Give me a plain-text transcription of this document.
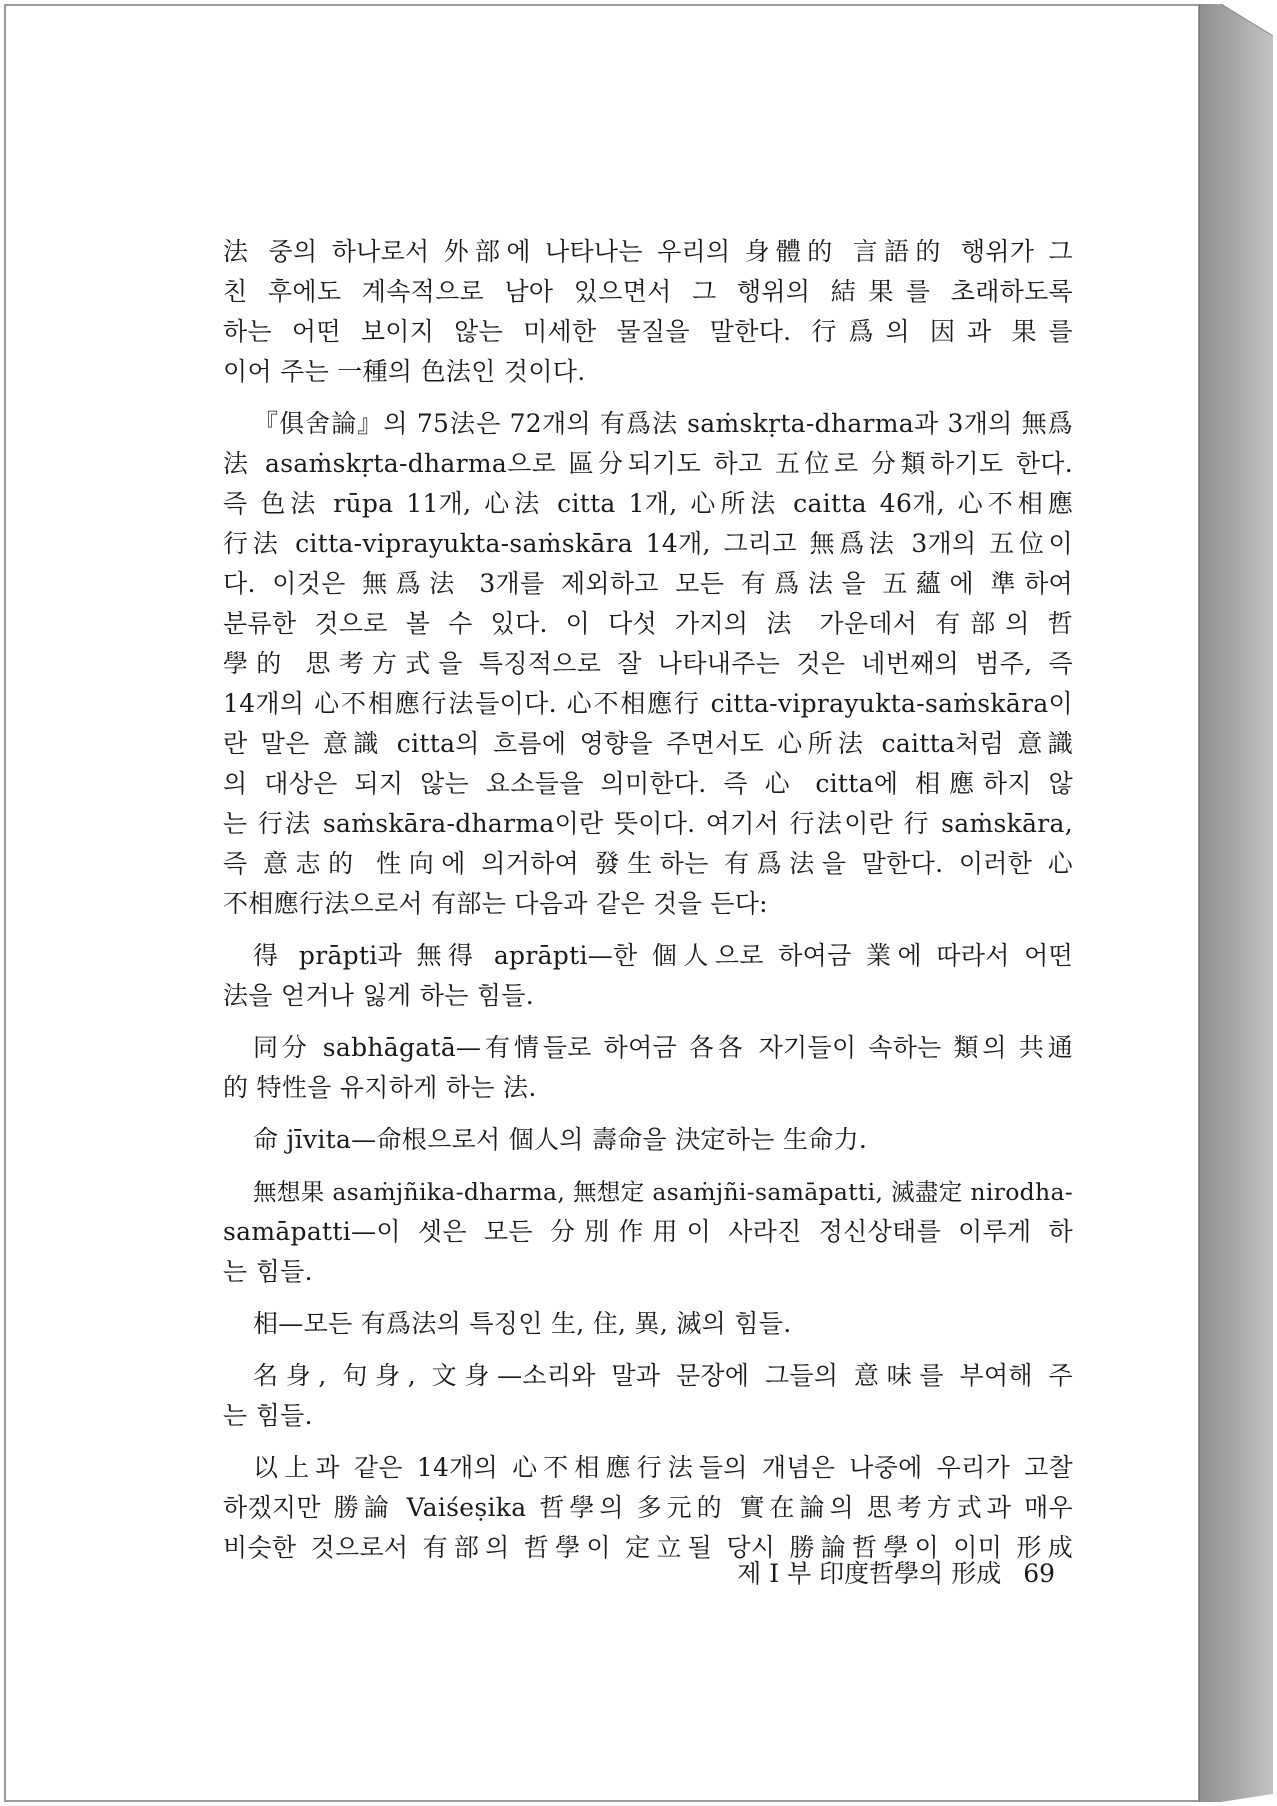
法 중의 하나로서 外部에 나타나는 우리의 身體的 言語的 행위가 그
친 후에도 계속적으로 남아 있으면서 그 행위의 結果를 초래하도록
하는 어떤 보이지 않는 미세한 물질을 말한다. 行爲의 因과 果를
이어 주는 一種의 色法인 것이다.
『俱舍論』의 75法은 72개의 有爲法 saṁskṛta-dharma과 3개의 無爲
法 asaṁskṛta-dharma으로 區分되기도 하고 五位로 分類하기도 한다.
즉 色法 rūpa 11개, 心法 citta 1개, 心所法 caitta 46개, 心不相應
行法 citta-viprayukta-saṁskāra 14개, 그리고 無爲法 3개의 五位이
다. 이것은 無爲法 3개를 제외하고 모든 有爲法을 五蘊에 準하여
분류한 것으로 볼 수 있다. 이 다섯 가지의 法 가운데서 有部의 哲
學的 思考方式을 특징적으로 잘 나타내주는 것은 네번째의 범주, 즉
14개의 心不相應行法들이다. 心不相應行 citta-viprayukta-saṁskāra이
란 말은 意識 citta의 흐름에 영향을 주면서도 心所法 caitta처럼 意識
의 대상은 되지 않는 요소들을 의미한다. 즉 心 citta에 相應하지 않
는 行法 saṁskāra-dharma이란 뜻이다. 여기서 行法이란 行 saṁskāra,
즉 意志的 性向에 의거하여 發生하는 有爲法을 말한다. 이러한 心
不相應行法으로서 有部는 다음과 같은 것을 든다:
得 prāpti과 無得 aprāpti—한 個人으로 하여금 業에 따라서 어떤
法을 얻거나 잃게 하는 힘들.
同分 sabhāgatā—有情들로 하여금 各各 자기들이 속하는 類의 共通
的 特性을 유지하게 하는 法.
命 jīvita—命根으로서 個人의 壽命을 決定하는 生命力.
無想果 asaṁjñika-dharma, 無想定 asaṁjñi-samāpatti, 滅盡定 nirodha-
samāpatti—이 셋은 모든 分別作用이 사라진 정신상태를 이루게 하
는 힘들.
相—모든 有爲法의 특징인 生, 住, 異, 滅의 힘들.
名身, 句身, 文身—소리와 말과 문장에 그들의 意味를 부여해 주
는 힘들.
以上과 같은 14개의 心不相應行法들의 개념은 나중에 우리가 고찰
하겠지만 勝論 Vaiśeṣika 哲學의 多元的 實在論의 思考方式과 매우
비슷한 것으로서 有部의 哲學이 定立될 당시 勝論哲學이 이미 形成
제 I 부 印度哲學의 形成 69
